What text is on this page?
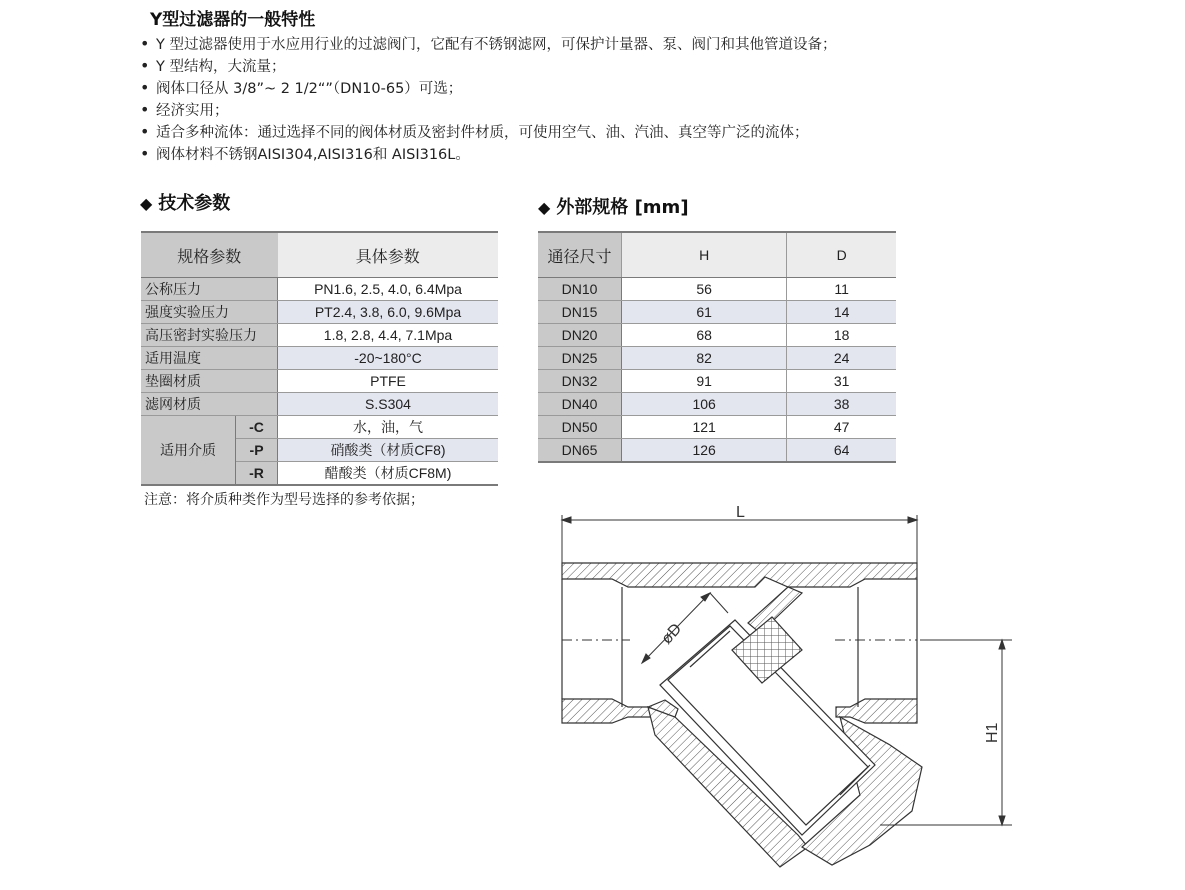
Y型过滤器的一般特性
• Y 型过滤器使用于水应用行业的过滤阀门，它配有不锈钢滤网，可保护计量器、泵、阀门和其他管道设备；
• Y 型结构，大流量；
• 阀体口径从 3/8”~ 2 1/2“”（DN10-65）可选；
• 经济实用；
• 适合多种流体：通过选择不同的阀体材质及密封件材质，可使用空气、油、汽油、真空等广泛的流体；
• 阀体材料不锈钢AISI304,AISI316和 AISI316L。
◆ 技术参数
规格参数		具体参数
公称压力		PN1.6, 2.5, 4.0, 6.4Mpa
强度实验压力		PT2.4, 3.8, 6.0, 9.6Mpa
高压密封实验压力		1.8, 2.8, 4.4, 7.1Mpa
适用温度		-20~180°C
垫圈材质		PTFE
滤网材质		S.S304
适用介质	-C	水，油，气
	-P	硝酸类（材质CF8)
	-R	醋酸类（材质CF8M)
注意：将介质种类作为型号选择的参考依据；
◆ 外部规格 [mm]
通径尺寸	H	D
DN10	56	11
DN15	61	14
DN20	68	18
DN25	82	24
DN32	91	31
DN40	106	38
DN50	121	47
DN65	126	64
L
øD
H1
